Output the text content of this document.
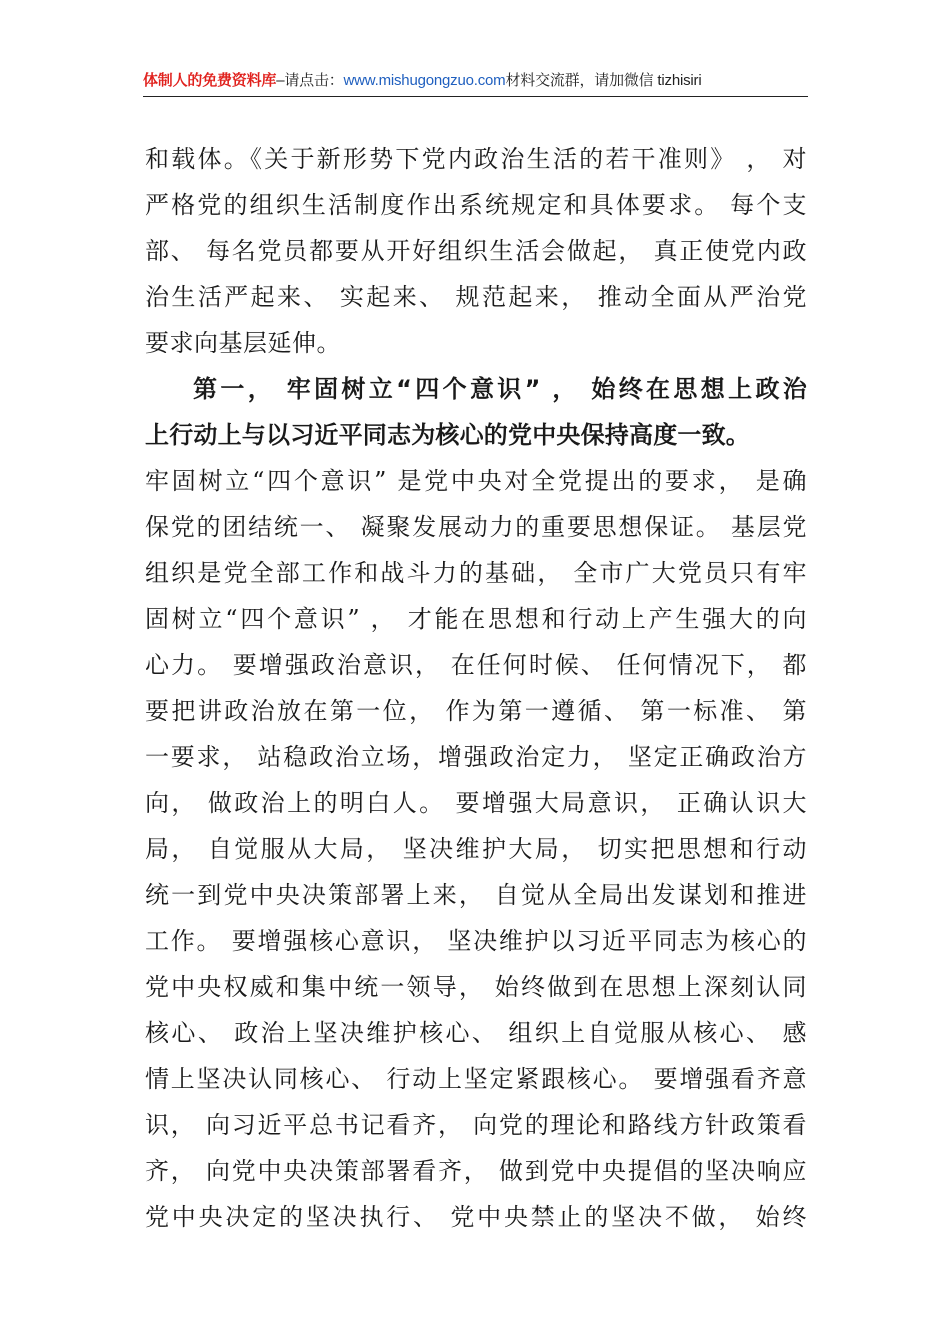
体制人的免费资料库–请点击：www.mishugongzuo.com材料交流群，请加微信 tizhisiri
和载体。《关于新形势下党内政治生活的若干准则》 ， 对
严格党的组织生活制度作出系统规定和具体要求。 每个支
部、 每名党员都要从开好组织生活会做起， 真正使党内政
治生活严起来、 实起来、 规范起来， 推动全面从严治党
要求向基层延伸。
第一， 牢固树立“四个意识” ， 始终在思想上政治
上行动上与以习近平同志为核心的党中央保持高度一致。
牢固树立“四个意识” 是党中央对全党提出的要求， 是确
保党的团结统一、 凝聚发展动力的重要思想保证。 基层党
组织是党全部工作和战斗力的基础， 全市广大党员只有牢
固树立“四个意识” ， 才能在思想和行动上产生强大的向
心力。 要增强政治意识， 在任何时候、 任何情况下， 都
要把讲政治放在第一位， 作为第一遵循、 第一标准、 第
一要求， 站稳政治立场，增强政治定力， 坚定正确政治方
向， 做政治上的明白人。 要增强大局意识， 正确认识大
局， 自觉服从大局， 坚决维护大局， 切实把思想和行动
统一到党中央决策部署上来， 自觉从全局出发谋划和推进
工作。 要增强核心意识， 坚决维护以习近平同志为核心的
党中央权威和集中统一领导， 始终做到在思想上深刻认同
核心、 政治上坚决维护核心、 组织上自觉服从核心、 感
情上坚决认同核心、 行动上坚定紧跟核心。 要增强看齐意
识， 向习近平总书记看齐， 向党的理论和路线方针政策看
齐， 向党中央决策部署看齐， 做到党中央提倡的坚决响应
党中央决定的坚决执行、 党中央禁止的坚决不做， 始终
